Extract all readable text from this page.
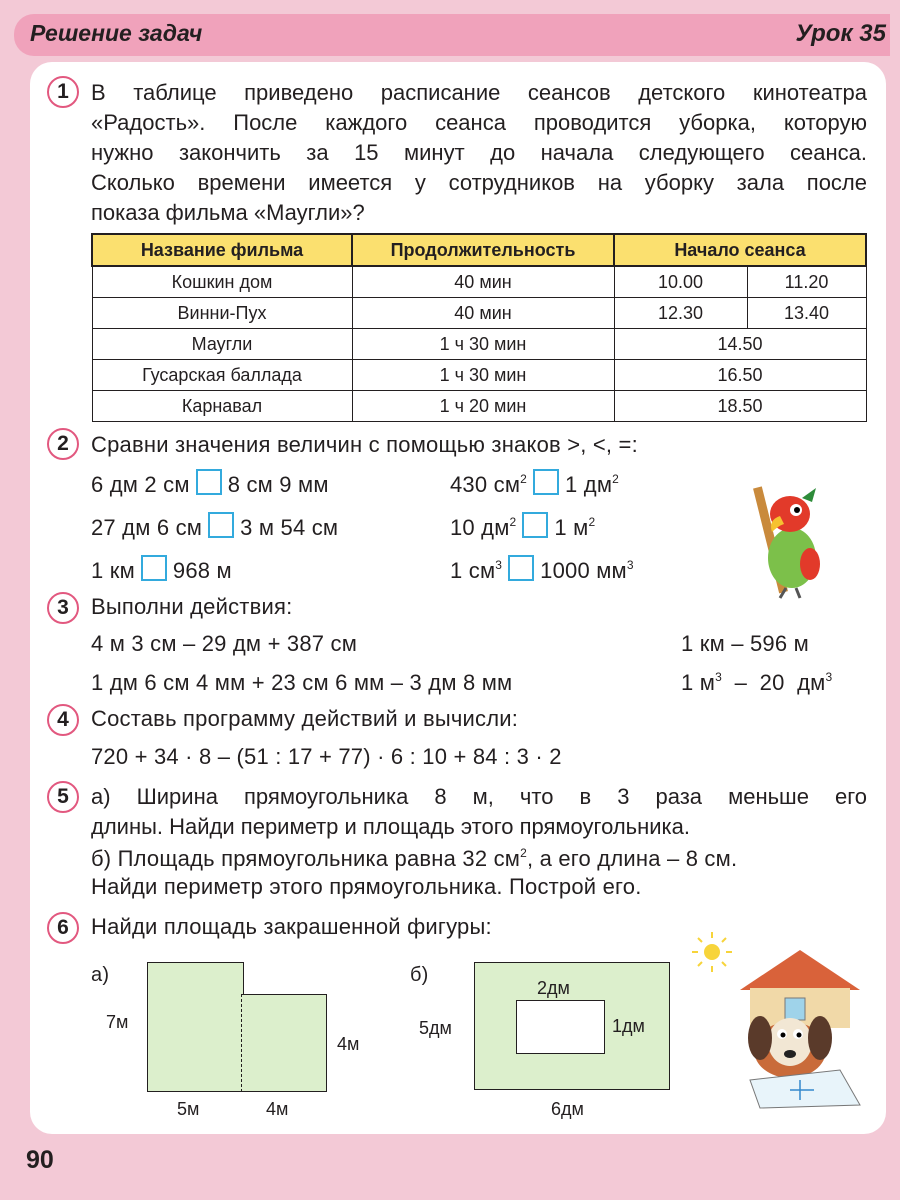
Решение задач	Урок 35
1	В таблице приведено расписание сеансов детского кинотеатра
«Радость». После каждого сеанса проводится уборка, которую
нужно закончить за 15 минут до начала следующего сеанса.
Сколько времени имеется у сотрудников на уборку зала после
показа фильма «Маугли»?
Название фильма	Продолжительность	Начало сеанса	
Кошкин дом	40 мин	10.00	11.20
Винни-Пух	40 мин	12.30	13.40
Маугли	1 ч 30 мин	14.50	
Гусарская баллада	1 ч 30 мин	16.50	
Карнавал	1 ч 20 мин	18.50	
2	Сравни значения величин с помощью знаков >, <, =:
6 дм 2 см 8 см 9 мм	430 $см^2$ 1 $дм^2$
27 дм 6 см 3 м 54 см	10 $дм^2$ 1 $м^2$
1 км 968 м	1 $см^3$ 1000 $мм^3$
3	Выполни действия:
4 м 3 см – 29 дм + 387 см	1 км – 596 м
1 дм 6 см 4 мм + 23 см 6 мм – 3 дм 8 мм	1 $м^3 - 20$  $дм^3$
4	Составь программу действий и вычисли:
720 + 34 · 8 – (51 : 17 + 77) · 6 : 10 + 84 : 3 · 2
5	а) Ширина прямоугольника 8 м, что в 3 раза меньше его
длины. Найди периметр и площадь этого прямоугольника.
б) Площадь прямоугольника равна 32 $см^2$, а его длина – 8 см.
Найди периметр этого прямоугольника. Построй его.
6	Найди площадь закрашенной фигуры:
а)
7м
4м
5м	4м
б)
2дм
1дм
5дм
6дм
90
